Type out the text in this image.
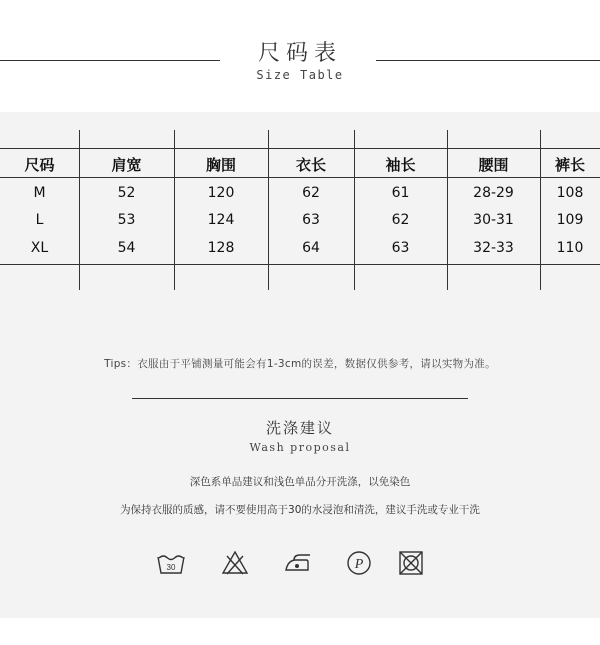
尺码表
Size Table
尺码	肩宽	胸围	衣长	袖长	腰围	裤长
M	52	120	62	61	28-29	108
L	53	124	63	62	30-31	109
XL	54	128	64	63	32-33	110
Tips：衣服由于平铺测量可能会有1-3cm的误差，数据仅供参考，请以实物为准。
洗涤建议
Wash proposal
深色系单品建议和浅色单品分开洗涤，以免染色
为保持衣服的质感，请不要使用高于30的水浸泡和清洗，建议手洗或专业干洗
30	P
